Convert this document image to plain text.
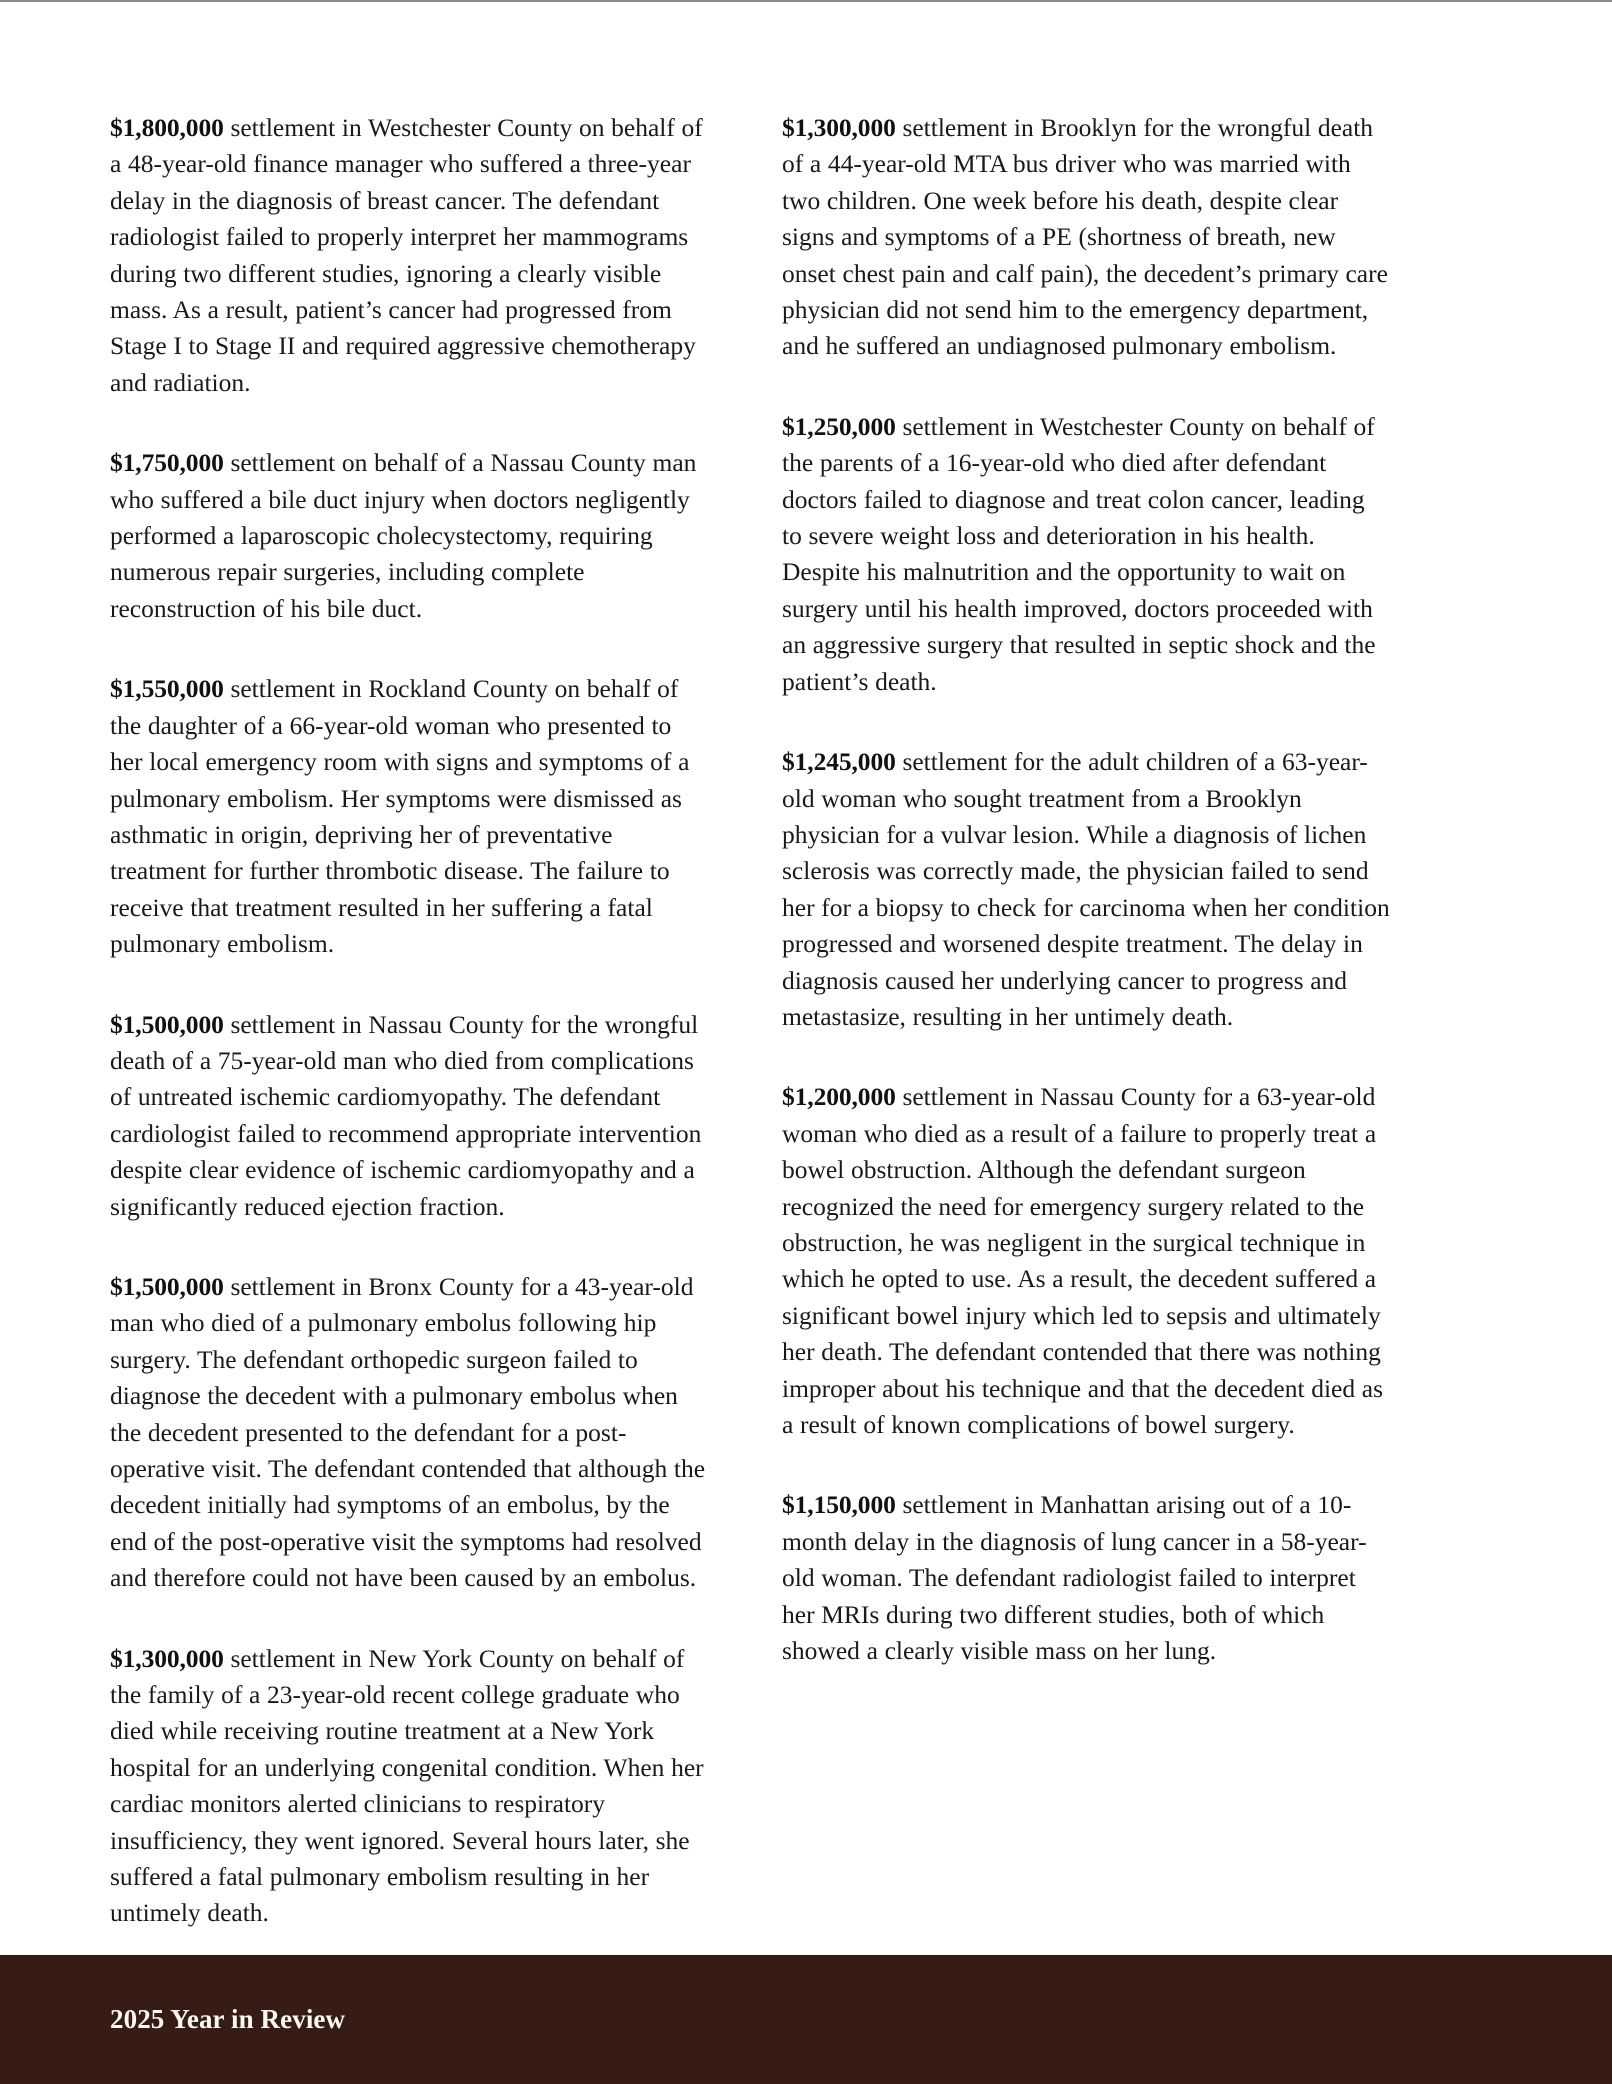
$1,800,000 settlement in Westchester County on behalf of a 48-year-old finance manager who suffered a three-year delay in the diagnosis of breast cancer. The defendant radiologist failed to properly interpret her mammograms during two different studies, ignoring a clearly visible mass. As a result, patient’s cancer had progressed from Stage I to Stage II and required aggressive chemotherapy and radiation.

$1,750,000 settlement on behalf of a Nassau County man who suffered a bile duct injury when doctors negligently performed a laparoscopic cholecystectomy, requiring numerous repair surgeries, including complete reconstruction of his bile duct.

$1,550,000 settlement in Rockland County on behalf of the daughter of a 66-year-old woman who presented to her local emergency room with signs and symptoms of a pulmonary embolism. Her symptoms were dismissed as asthmatic in origin, depriving her of preventative treatment for further thrombotic disease. The failure to receive that treatment resulted in her suffering a fatal pulmonary embolism.

$1,500,000 settlement in Nassau County for the wrongful death of a 75-year-old man who died from complications of untreated ischemic cardiomyopathy. The defendant cardiologist failed to recommend appropriate intervention despite clear evidence of ischemic cardiomyopathy and a significantly reduced ejection fraction.

$1,500,000 settlement in Bronx County for a 43-year-old man who died of a pulmonary embolus following hip surgery. The defendant orthopedic surgeon failed to diagnose the decedent with a pulmonary embolus when the decedent presented to the defendant for a post-operative visit. The defendant contended that although the decedent initially had symptoms of an embolus, by the end of the post-operative visit the symptoms had resolved and therefore could not have been caused by an embolus.

$1,300,000 settlement in New York County on behalf of the family of a 23-year-old recent college graduate who died while receiving routine treatment at a New York hospital for an underlying congenital condition. When her cardiac monitors alerted clinicians to respiratory insufficiency, they went ignored. Several hours later, she suffered a fatal pulmonary embolism resulting in her untimely death.

$1,300,000 settlement in Brooklyn for the wrongful death of a 44-year-old MTA bus driver who was married with two children. One week before his death, despite clear signs and symptoms of a PE (shortness of breath, new onset chest pain and calf pain), the decedent’s primary care physician did not send him to the emergency department, and he suffered an undiagnosed pulmonary embolism.

$1,250,000 settlement in Westchester County on behalf of the parents of a 16-year-old who died after defendant doctors failed to diagnose and treat colon cancer, leading to severe weight loss and deterioration in his health. Despite his malnutrition and the opportunity to wait on surgery until his health improved, doctors proceeded with an aggressive surgery that resulted in septic shock and the patient’s death.

$1,245,000 settlement for the adult children of a 63-year-old woman who sought treatment from a Brooklyn physician for a vulvar lesion. While a diagnosis of lichen sclerosis was correctly made, the physician failed to send her for a biopsy to check for carcinoma when her condition progressed and worsened despite treatment. The delay in diagnosis caused her underlying cancer to progress and metastasize, resulting in her untimely death.

$1,200,000 settlement in Nassau County for a 63-year-old woman who died as a result of a failure to properly treat a bowel obstruction. Although the defendant surgeon recognized the need for emergency surgery related to the obstruction, he was negligent in the surgical technique in which he opted to use. As a result, the decedent suffered a significant bowel injury which led to sepsis and ultimately her death. The defendant contended that there was nothing improper about his technique and that the decedent died as a result of known complications of bowel surgery.

$1,150,000 settlement in Manhattan arising out of a 10-month delay in the diagnosis of lung cancer in a 58-year-old woman. The defendant radiologist failed to interpret her MRIs during two different studies, both of which showed a clearly visible mass on her lung.

2025 Year in Review
